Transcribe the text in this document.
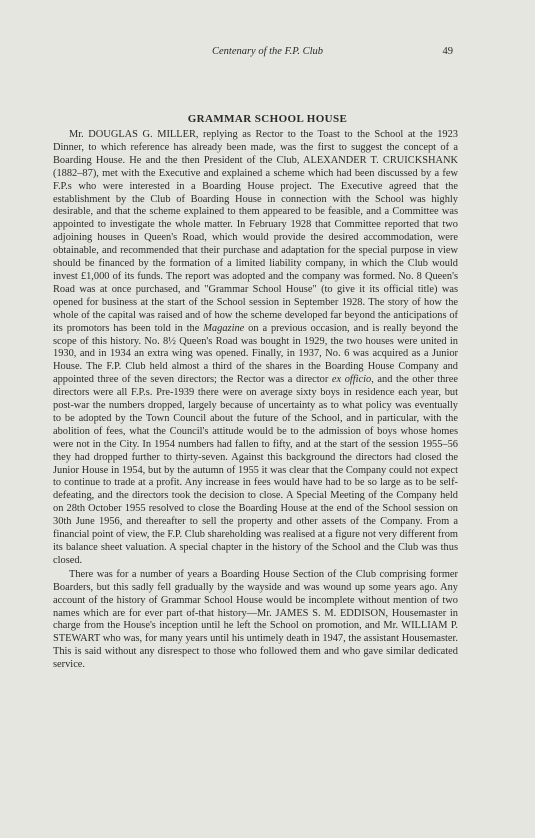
Centenary of the F.P. Club	49
GRAMMAR SCHOOL HOUSE

Mr. DOUGLAS G. MILLER, replying as Rector to the Toast to the School at the 1923 Dinner, to which reference has already been made, was the first to suggest the concept of a Boarding House. He and the then President of the Club, ALEXANDER T. CRUICKSHANK (1882–87), met with the Executive and explained a scheme which had been discussed by a few F.P.s who were interested in a Boarding House project. The Executive agreed that the establishment by the Club of Boarding House in connection with the School was highly desirable, and that the scheme explained to them appeared to be feasible, and a Committee was appointed to investigate the whole matter. In February 1928 that Committee reported that two adjoining houses in Queen's Road, which would provide the desired accommodation, were obtainable, and recommended that their purchase and adaptation for the special purpose in view should be financed by the formation of a limited liability company, in which the Club would invest £1,000 of its funds. The report was adopted and the company was formed. No. 8 Queen's Road was at once purchased, and "Grammar School House" (to give it its official title) was opened for business at the start of the School session in September 1928. The story of how the whole of the capital was raised and of how the scheme developed far beyond the anticipations of its promotors has been told in the Magazine on a previous occasion, and is really beyond the scope of this history. No. 8½ Queen's Road was bought in 1929, the two houses were united in 1930, and in 1934 an extra wing was opened. Finally, in 1937, No. 6 was acquired as a Junior House. The F.P. Club held almost a third of the shares in the Boarding House Company and appointed three of the seven directors; the Rector was a director ex officio, and the other three directors were all F.P.s. Pre-1939 there were on average sixty boys in residence each year, but post-war the numbers dropped, largely because of uncertainty as to what policy was eventually to be adopted by the Town Council about the future of the School, and in particular, with the abolition of fees, what the Council's attitude would be to the admission of boys whose homes were not in the City. In 1954 numbers had fallen to fifty, and at the start of the session 1955–56 they had dropped further to thirty-seven. Against this background the directors had closed the Junior House in 1954, but by the autumn of 1955 it was clear that the Company could not expect to continue to trade at a profit. Any increase in fees would have had to be so large as to be self-defeating, and the directors took the decision to close. A Special Meeting of the Company held on 28th October 1955 resolved to close the Boarding House at the end of the School session on 30th June 1956, and thereafter to sell the property and other assets of the Company. From a financial point of view, the F.P. Club shareholding was realised at a figure not very different from its balance sheet valuation. A special chapter in the history of the School and the Club was thus closed.

There was for a number of years a Boarding House Section of the Club comprising former Boarders, but this sadly fell gradually by the wayside and was wound up some years ago. Any account of the history of Grammar School House would be incomplete without mention of two names which are for ever part of-that history—Mr. JAMES S. M. EDDISON, Housemaster in charge from the House's inception until he left the School on promotion, and Mr. WILLIAM P. STEWART who was, for many years until his untimely death in 1947, the assistant Housemaster. This is said without any disrespect to those who followed them and who gave similar dedicated service.
